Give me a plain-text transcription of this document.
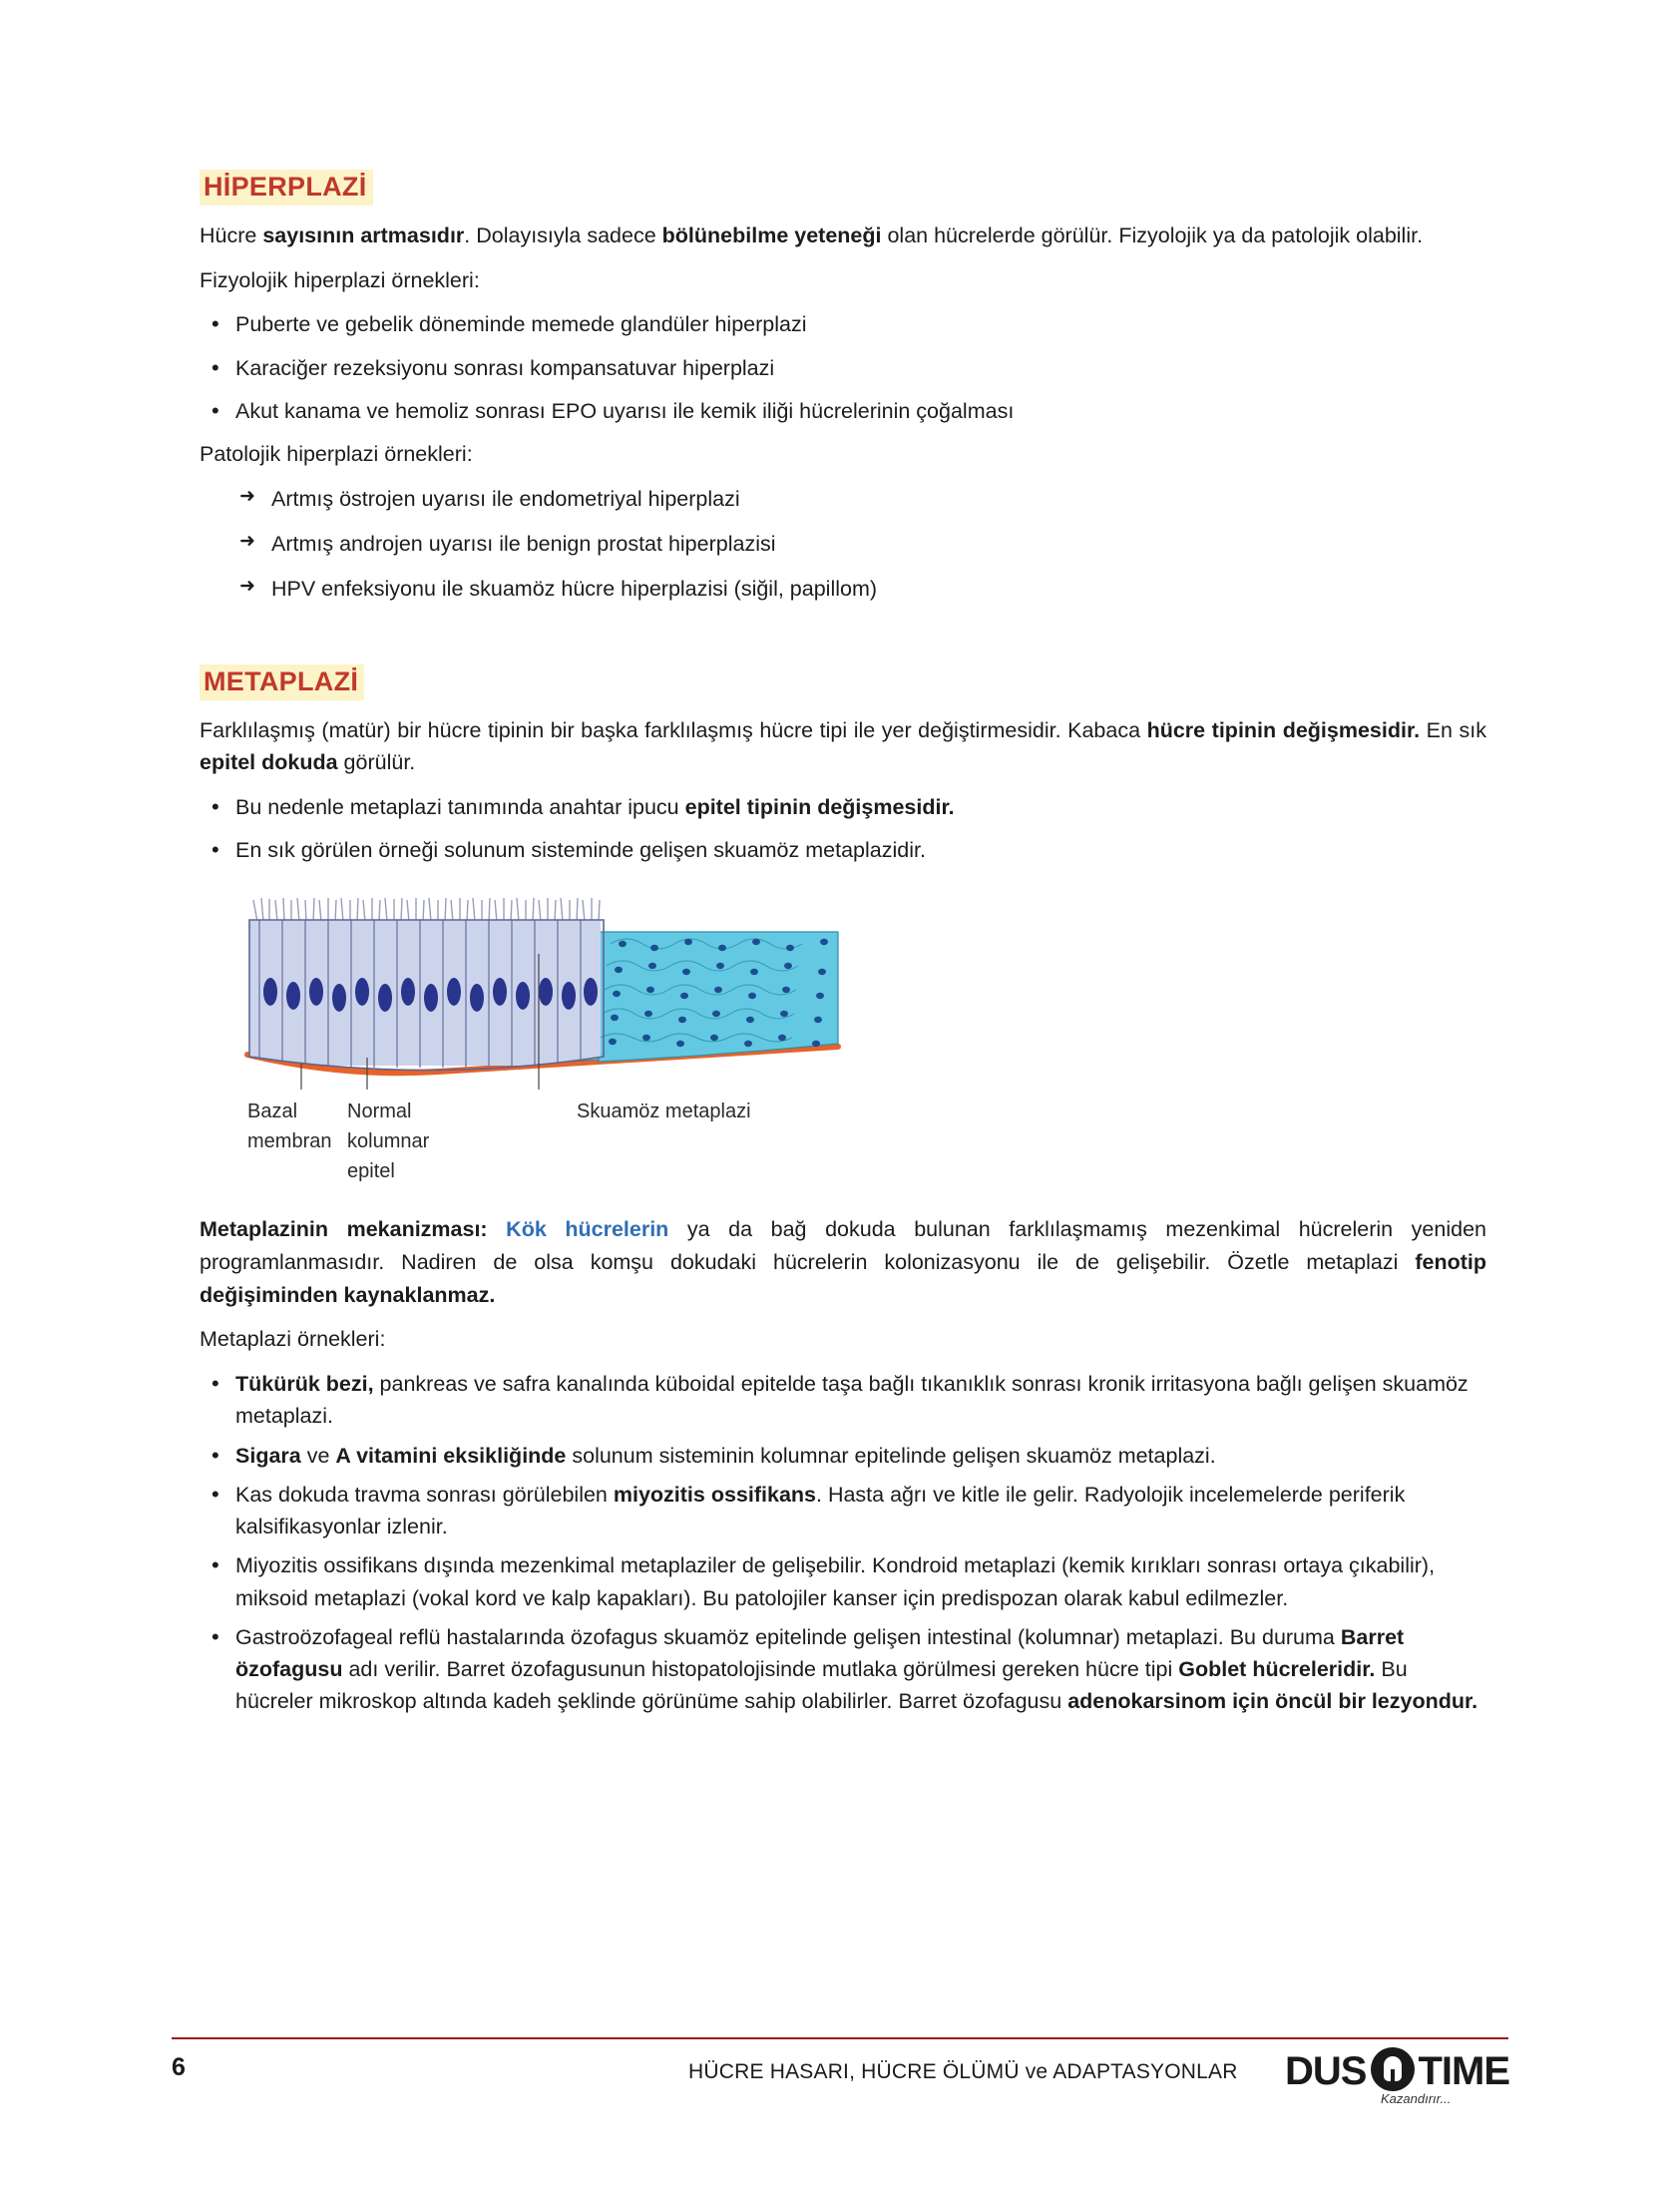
HİPERPLAZİ

Hücre sayısının artmasıdır. Dolayısıyla sadece bölünebilme yeteneği olan hücrelerde görülür. Fizyolojik ya da patolojik olabilir.

Fizyolojik hiperplazi örnekleri:

• Puberte ve gebelik döneminde memede glandüler hiperplazi
• Karaciğer rezeksiyonu sonrası kompansatuvar hiperplazi
• Akut kanama ve hemoliz sonrası EPO uyarısı ile kemik iliği hücrelerinin çoğalması

Patolojik hiperplazi örnekleri:

➜ Artmış östrojen uyarısı ile endometriyal hiperplazi
➜ Artmış androjen uyarısı ile benign prostat hiperplazisi
➜ HPV enfeksiyonu ile skuamöz hücre hiperplazisi (siğil, papillom)
METAPLAZİ

Farklılaşmış (matür) bir hücre tipinin bir başka farklılaşmış hücre tipi ile yer değiştirmesidir. Kabaca hücre tipinin değişmesidir. En sık epitel dokuda görülür.

• Bu nedenle metaplazi tanımında anahtar ipucu epitel tipinin değişmesidir.
• En sık görülen örneği solunum sisteminde gelişen skuamöz metaplazidir.
Bazal
membran
Normal
kolumnar
epitel
Skuamöz metaplazi

Metaplazinin mekanizması: Kök hücrelerin ya da bağ dokuda bulunan farklılaşmamış mezenkimal hücrelerin yeniden programlanmasıdır. Nadiren de olsa komşu dokudaki hücrelerin kolonizasyonu ile de gelişebilir. Özetle metaplazi fenotip değişiminden kaynaklanmaz.

Metaplazi örnekleri:

• Tükürük bezi, pankreas ve safra kanalında küboidal epitelde taşa bağlı tıkanıklık sonrası kronik irritasyona bağlı gelişen skuamöz metaplazi.
• Sigara ve A vitamini eksikliğinde solunum sisteminin kolumnar epitelinde gelişen skuamöz metaplazi.
• Kas dokuda travma sonrası görülebilen miyozitis ossifikans. Hasta ağrı ve kitle ile gelir. Radyolojik incelemelerde periferik kalsifikasyonlar izlenir.
• Miyozitis ossifikans dışında mezenkimal metaplaziler de gelişebilir. Kondroid metaplazi (kemik kırıkları sonrası ortaya çıkabilir), miksoid metaplazi (vokal kord ve kalp kapakları). Bu patolojiler kanser için predispozan olarak kabul edilmezler.
• Gastroözofageal reflü hastalarında özofagus skuamöz epitelinde gelişen intestinal (kolumnar) metaplazi. Bu duruma Barret özofagusu adı verilir. Barret özofagusunun histopatolojisinde mutlaka görülmesi gereken hücre tipi Goblet hücreleridir. Bu hücreler mikroskop altında kadeh şeklinde görünüme sahip olabilirler. Barret özofagusu adenokarsinom için öncül bir lezyondur.
6	HÜCRE HASARI, HÜCRE ÖLÜMÜ ve ADAPTASYONLAR DUS TIME
Kazandırır...
